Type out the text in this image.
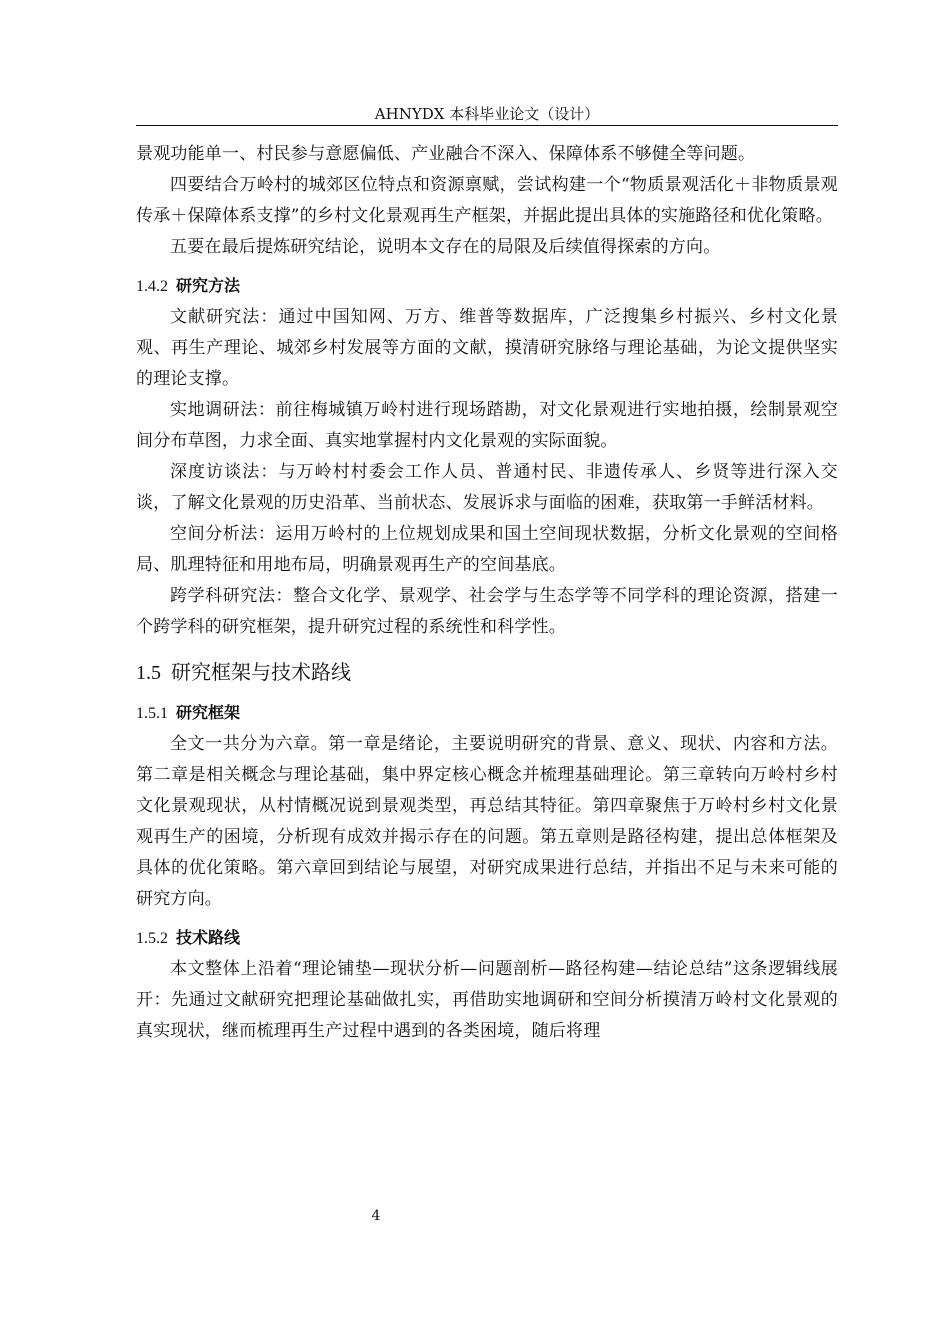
AHNYDX 本科毕业论文（设计）

景观功能单一、村民参与意愿偏低、产业融合不深入、保障体系不够健全等问题。

四要结合万岭村的城郊区位特点和资源禀赋，尝试构建一个“物质景观活化＋非物质景观传承＋保障体系支撑”的乡村文化景观再生产框架，并据此提出具体的实施路径和优化策略。

五要在最后提炼研究结论，说明本文存在的局限及后续值得探索的方向。

1.4.2 研究方法

文献研究法：通过中国知网、万方、维普等数据库，广泛搜集乡村振兴、乡村文化景观、再生产理论、城郊乡村发展等方面的文献，摸清研究脉络与理论基础，为论文提供坚实的理论支撑。

实地调研法：前往梅城镇万岭村进行现场踏勘，对文化景观进行实地拍摄，绘制景观空间分布草图，力求全面、真实地掌握村内文化景观的实际面貌。

深度访谈法：与万岭村村委会工作人员、普通村民、非遗传承人、乡贤等进行深入交谈，了解文化景观的历史沿革、当前状态、发展诉求与面临的困难，获取第一手鲜活材料。

空间分析法：运用万岭村的上位规划成果和国土空间现状数据，分析文化景观的空间格局、肌理特征和用地布局，明确景观再生产的空间基底。

跨学科研究法：整合文化学、景观学、社会学与生态学等不同学科的理论资源，搭建一个跨学科的研究框架，提升研究过程的系统性和科学性。

1.5 研究框架与技术路线
1.5.1 研究框架

全文一共分为六章。第一章是绪论，主要说明研究的背景、意义、现状、内容和方法。第二章是相关概念与理论基础，集中界定核心概念并梳理基础理论。第三章转向万岭村乡村文化景观现状，从村情概况说到景观类型，再总结其特征。第四章聚焦于万岭村乡村文化景观再生产的困境，分析现有成效并揭示存在的问题。第五章则是路径构建，提出总体框架及具体的优化策略。第六章回到结论与展望，对研究成果进行总结，并指出不足与未来可能的研究方向。

1.5.2 技术路线

本文整体上沿着“理论铺垫—现状分析—问题剖析—路径构建—结论总结”这条逻辑线展开：先通过文献研究把理论基础做扎实，再借助实地调研和空间分析摸清万岭村文化景观的真实现状，继而梳理再生产过程中遇到的各类困境，随后将理

4
